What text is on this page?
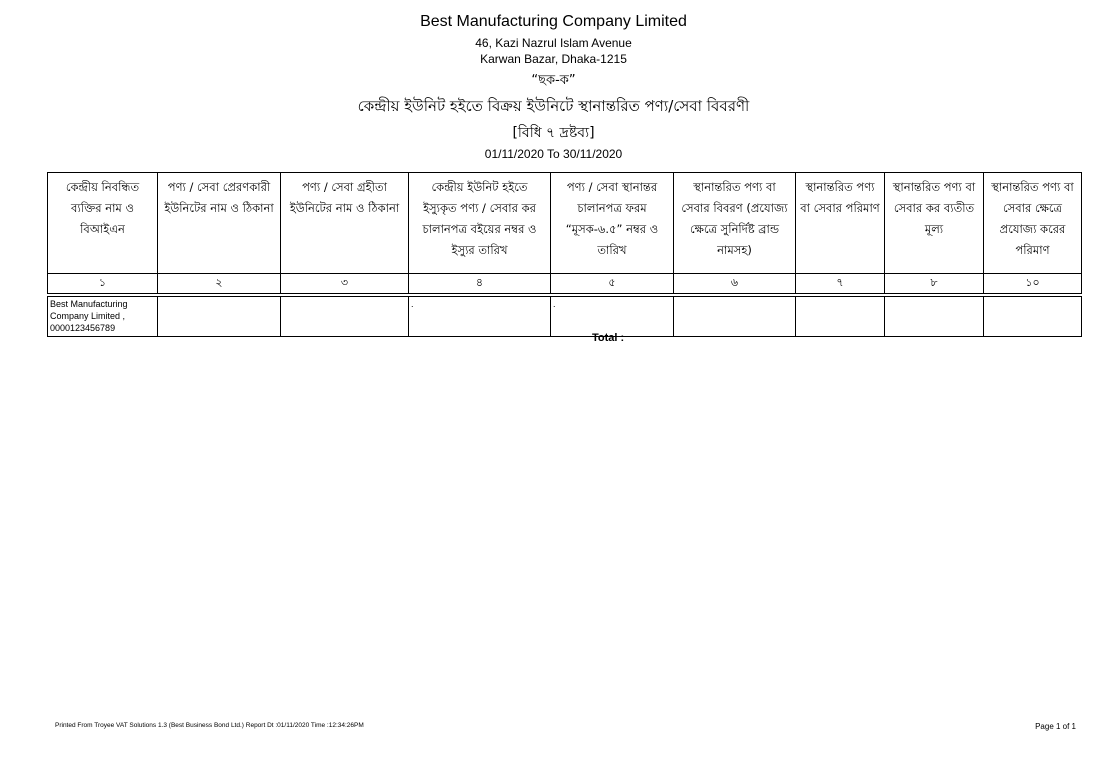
Best Manufacturing Company Limited
46, Kazi Nazrul Islam Avenue
Karwan Bazar, Dhaka-1215
“ছক-ক”
কেন্দ্রীয় ইউনিট হইতে বিক্রয় ইউনিটে স্থানান্তরিত পণ্য/সেবা বিবরণী
[বিধি ৭ দ্রষ্টব্য]
01/11/2020 To 30/11/2020
কেন্দ্রীয় নিবন্ধিত ব্যক্তির নাম ও বিআইএন	পণ্য / সেবা প্রেরণকারী ইউনিটের নাম ও ঠিকানা	পণ্য / সেবা গ্রহীতা ইউনিটের নাম ও ঠিকানা	কেন্দ্রীয় ইউনিট হইতে ইস্যুকৃত পণ্য / সেবার কর চালানপত্র বইয়ের নম্বর ও ইস্যুর তারিখ	পণ্য / সেবা স্থানান্তর চালানপত্র ফরম “মূসক-৬.৫” নম্বর ও তারিখ	স্থানান্তরিত পণ্য বা সেবার বিবরণ (প্রযোজ্য ক্ষেত্রে সুনির্দিষ্ট ব্রান্ড নামসহ)	স্থানান্তরিত পণ্য বা সেবার পরিমাণ	স্থানান্তরিত পণ্য বা সেবার কর ব্যতীত মূল্য	স্থানান্তরিত পণ্য বা সেবার ক্ষেত্রে প্রযোজ্য করের পরিমাণ
১	২	৩	৪	৫	৬	৭	৮	১০

Best Manufacturing Company Limited , 0000123456789			.	.				
Total :
Printed From Troyee VAT Solutions 1.3 (Best Business Bond Ltd.) Report Dt :01/11/2020 Time :12:34:26PM	Page 1 of 1
